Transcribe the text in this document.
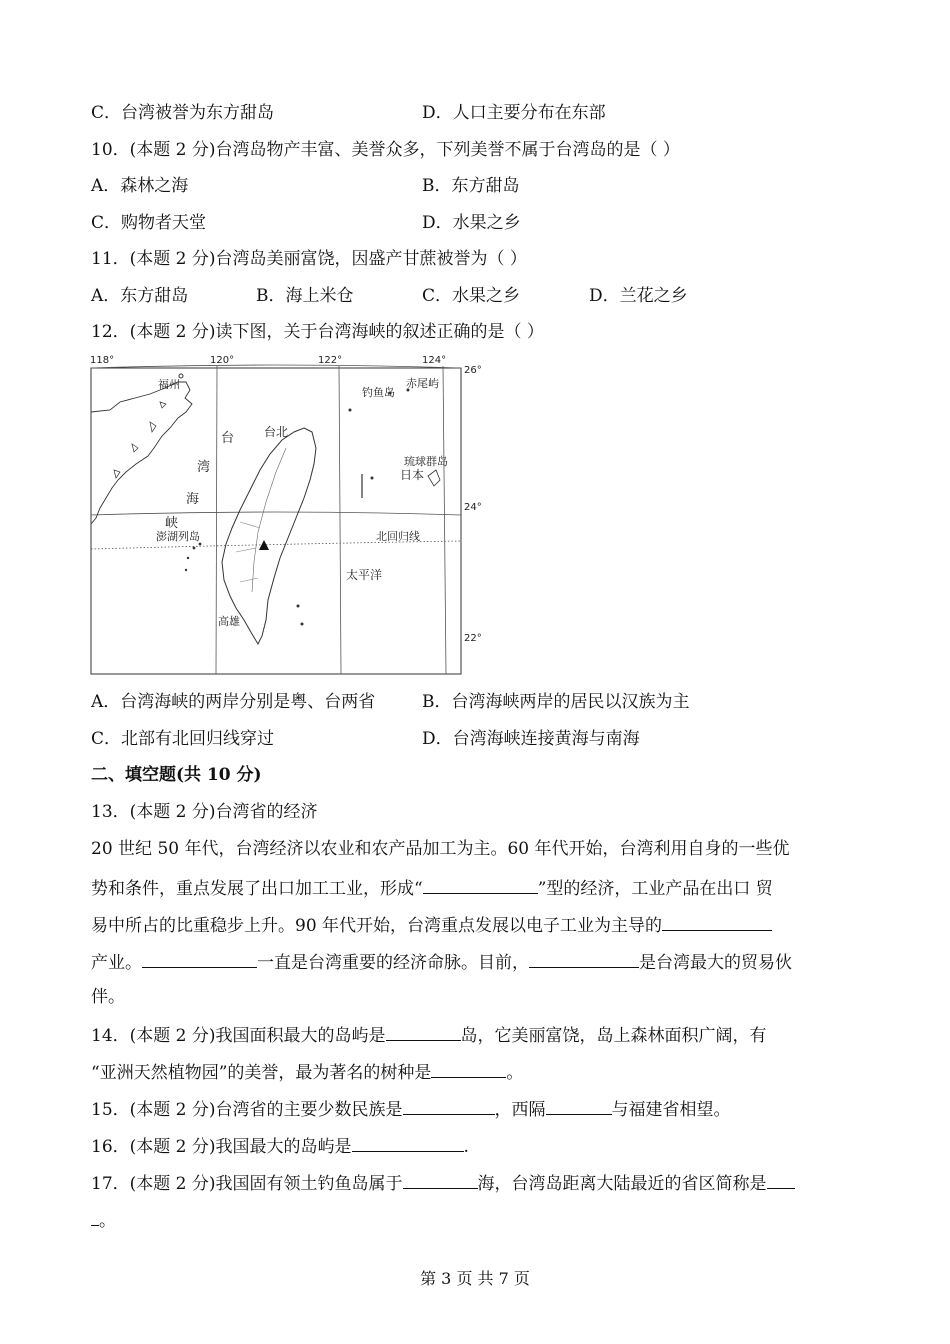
C．台湾被誉为东方甜岛	D．人口主要分布在东部
10．(本题 2 分)台湾岛物产丰富、美誉众多，下列美誉不属于台湾岛的是（ ）
A．森林之海	B．东方甜岛
C．购物者天堂	D．水果之乡
11．(本题 2 分)台湾岛美丽富饶，因盛产甘蔗被誉为（ ）
A．东方甜岛	B．海上米仓	C．水果之乡	D．兰花之乡
12．(本题 2 分)读下图，关于台湾海峡的叙述正确的是（ ）
118°	120°	122°	124°
26°
24°
22°
福州
钓鱼岛
赤尾屿
台北
琉球群岛
日本
台
湾
海
峡
澎湖列岛	北回归线
太平洋
高雄
A．台湾海峡的两岸分别是粤、台两省	B．台湾海峡两岸的居民以汉族为主
C．北部有北回归线穿过	D．台湾海峡连接黄海与南海
二、填空题(共 10 分)
13．(本题 2 分)台湾省的经济
20 世纪 50 年代，台湾经济以农业和农产品加工为主。60 年代开始，台湾利用自身的一些优
势和条件，重点发展了出口加工工业，形成“	”型的经济，工业产品在出口 贸
易中所占的比重稳步上升。90 年代开始，台湾重点发展以电子工业为主导的
产业。	一直是台湾重要的经济命脉。目前，	是台湾最大的贸易伙
伴。
14．(本题 2 分)我国面积最大的岛屿是	岛，它美丽富饶，岛上森林面积广阔，有
“亚洲天然植物园”的美誉，最为著名的树种是	。
15．(本题 2 分)台湾省的主要少数民族是	，西隔	与福建省相望。
16．(本题 2 分)我国最大的岛屿是	.
17．(本题 2 分)我国固有领土钓鱼岛属于	海，台湾岛距离大陆最近的省区简称是
。
第 3 页 共 7 页
